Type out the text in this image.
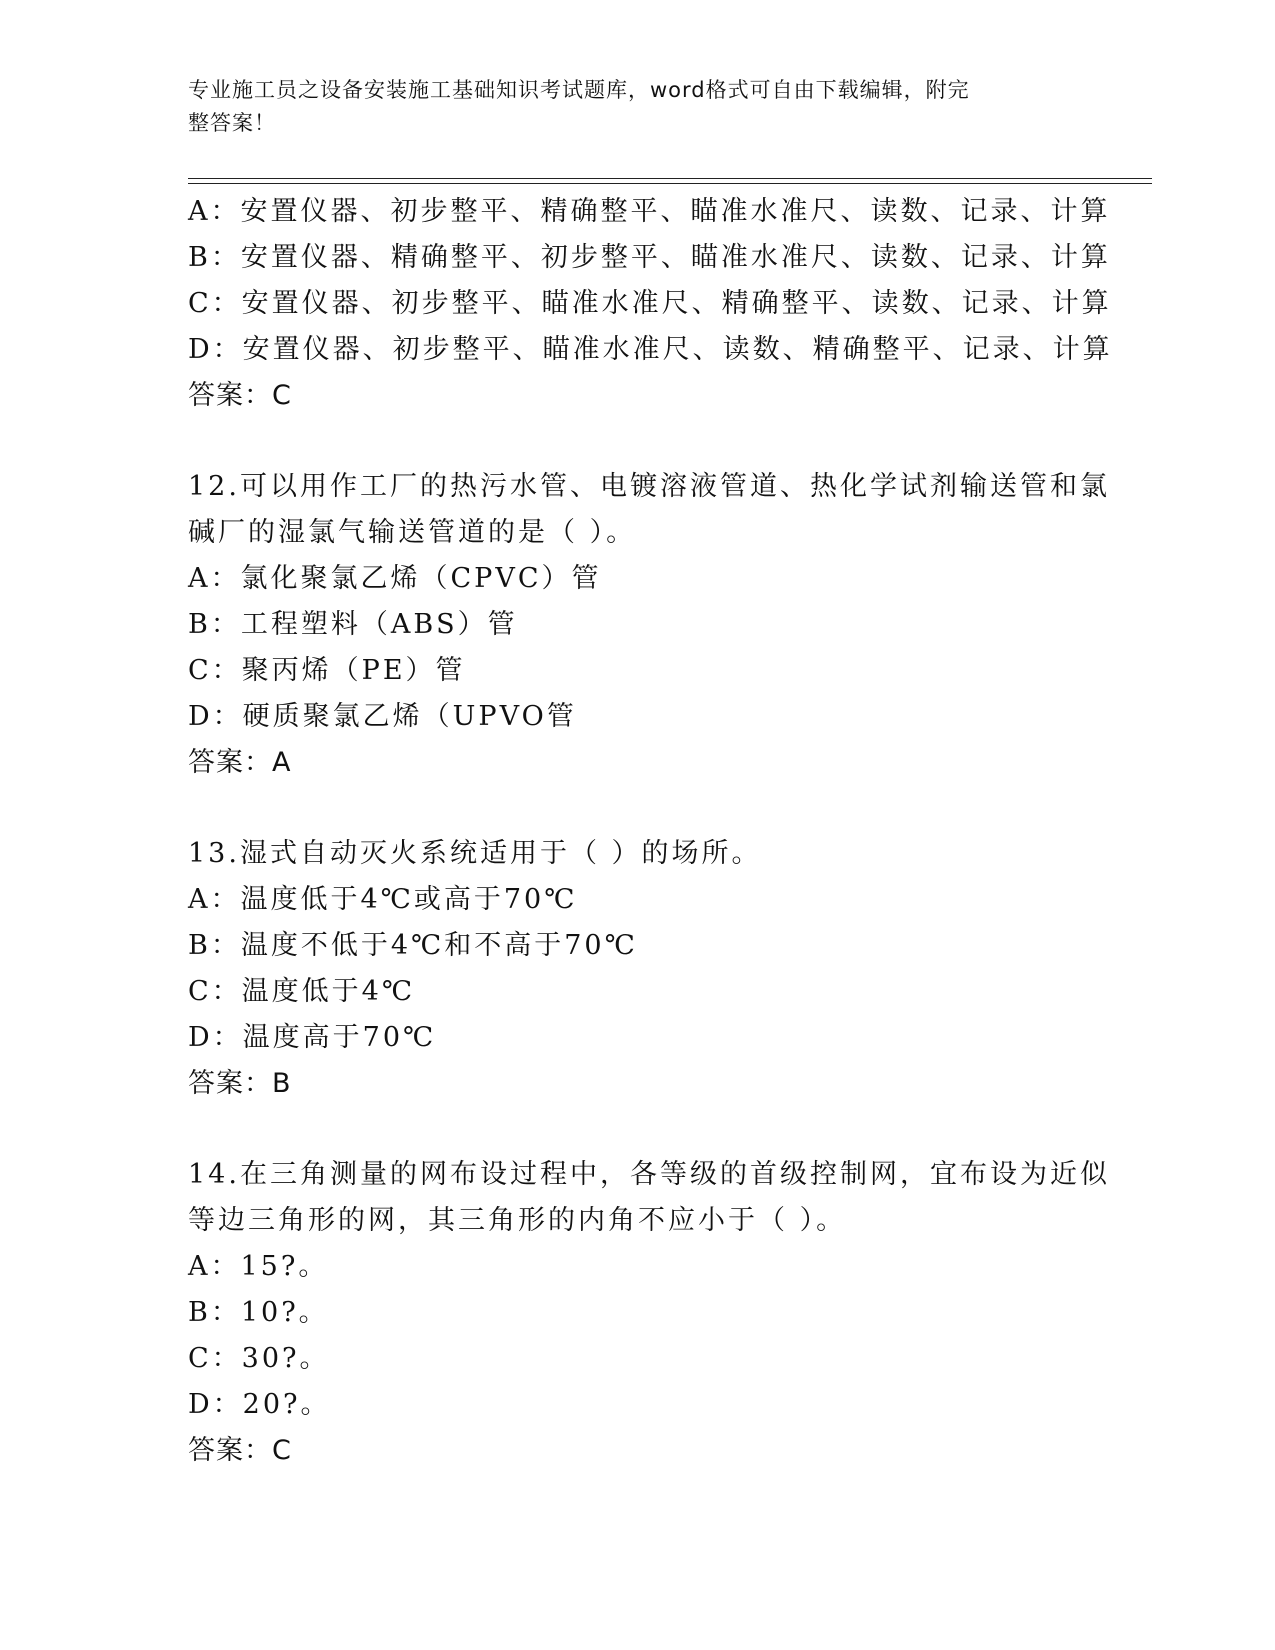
专业施工员之设备安装施工基础知识考试题库，word格式可自由下载编辑，附完
整答案！
A：安置仪器、初步整平、精确整平、瞄准水准尺、读数、记录、计算
B：安置仪器、精确整平、初步整平、瞄准水准尺、读数、记录、计算
C：安置仪器、初步整平、瞄准水准尺、精确整平、读数、记录、计算
D：安置仪器、初步整平、瞄准水准尺、读数、精确整平、记录、计算
答案：C
12.可以用作工厂的热污水管、电镀溶液管道、热化学试剂输送管和氯
碱厂的湿氯气输送管道的是（ ）。
A：氯化聚氯乙烯（CPVC）管
B：工程塑料（ABS）管
C：聚丙烯（PE）管
D：硬质聚氯乙烯（UPVO管
答案：A
13.湿式自动灭火系统适用于（ ）的场所。
A：温度低于4℃或高于70℃
B：温度不低于4℃和不高于70℃
C：温度低于4℃
D：温度高于70℃
答案：B
14.在三角测量的网布设过程中，各等级的首级控制网，宜布设为近似
等边三角形的网，其三角形的内角不应小于（ ）。
A：15?。
B：10?。
C：30?。
D：20?。
答案：C
